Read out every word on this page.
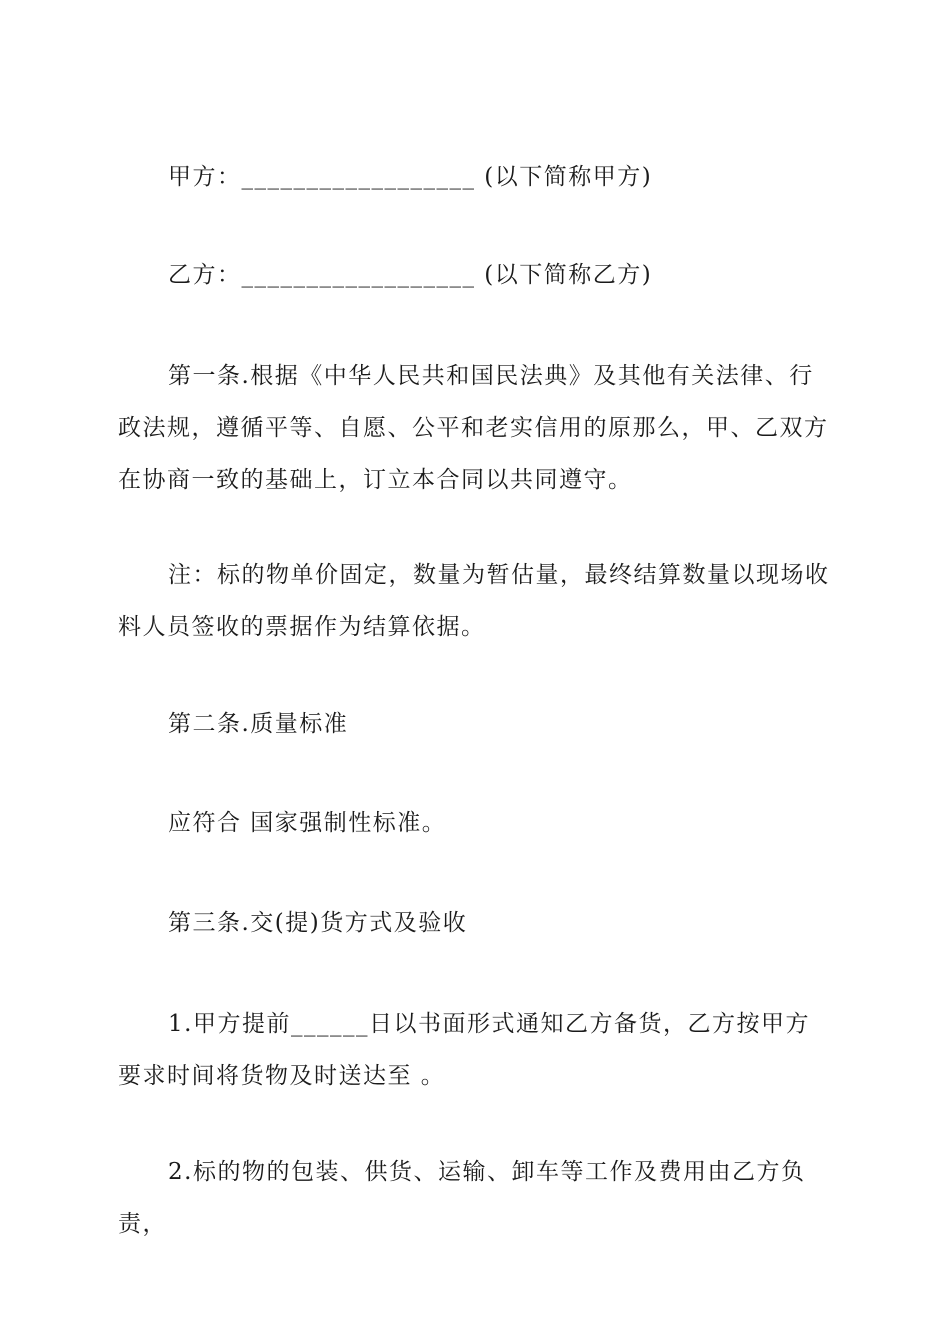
甲方：__________________ (以下简称甲方)

乙方：__________________ (以下简称乙方)

第一条.根据《中华人民共和国民法典》及其他有关法律、行政法规，遵循平等、自愿、公平和老实信用的原那么，甲、乙双方在协商一致的基础上，订立本合同以共同遵守。

注：标的物单价固定，数量为暂估量，最终结算数量以现场收料人员签收的票据作为结算依据。

第二条.质量标准

应符合 国家强制性标准。

第三条.交(提)货方式及验收

1.甲方提前______日以书面形式通知乙方备货，乙方按甲方要求时间将货物及时送达至 。

2.标的物的包装、供货、运输、卸车等工作及费用由乙方负责，
